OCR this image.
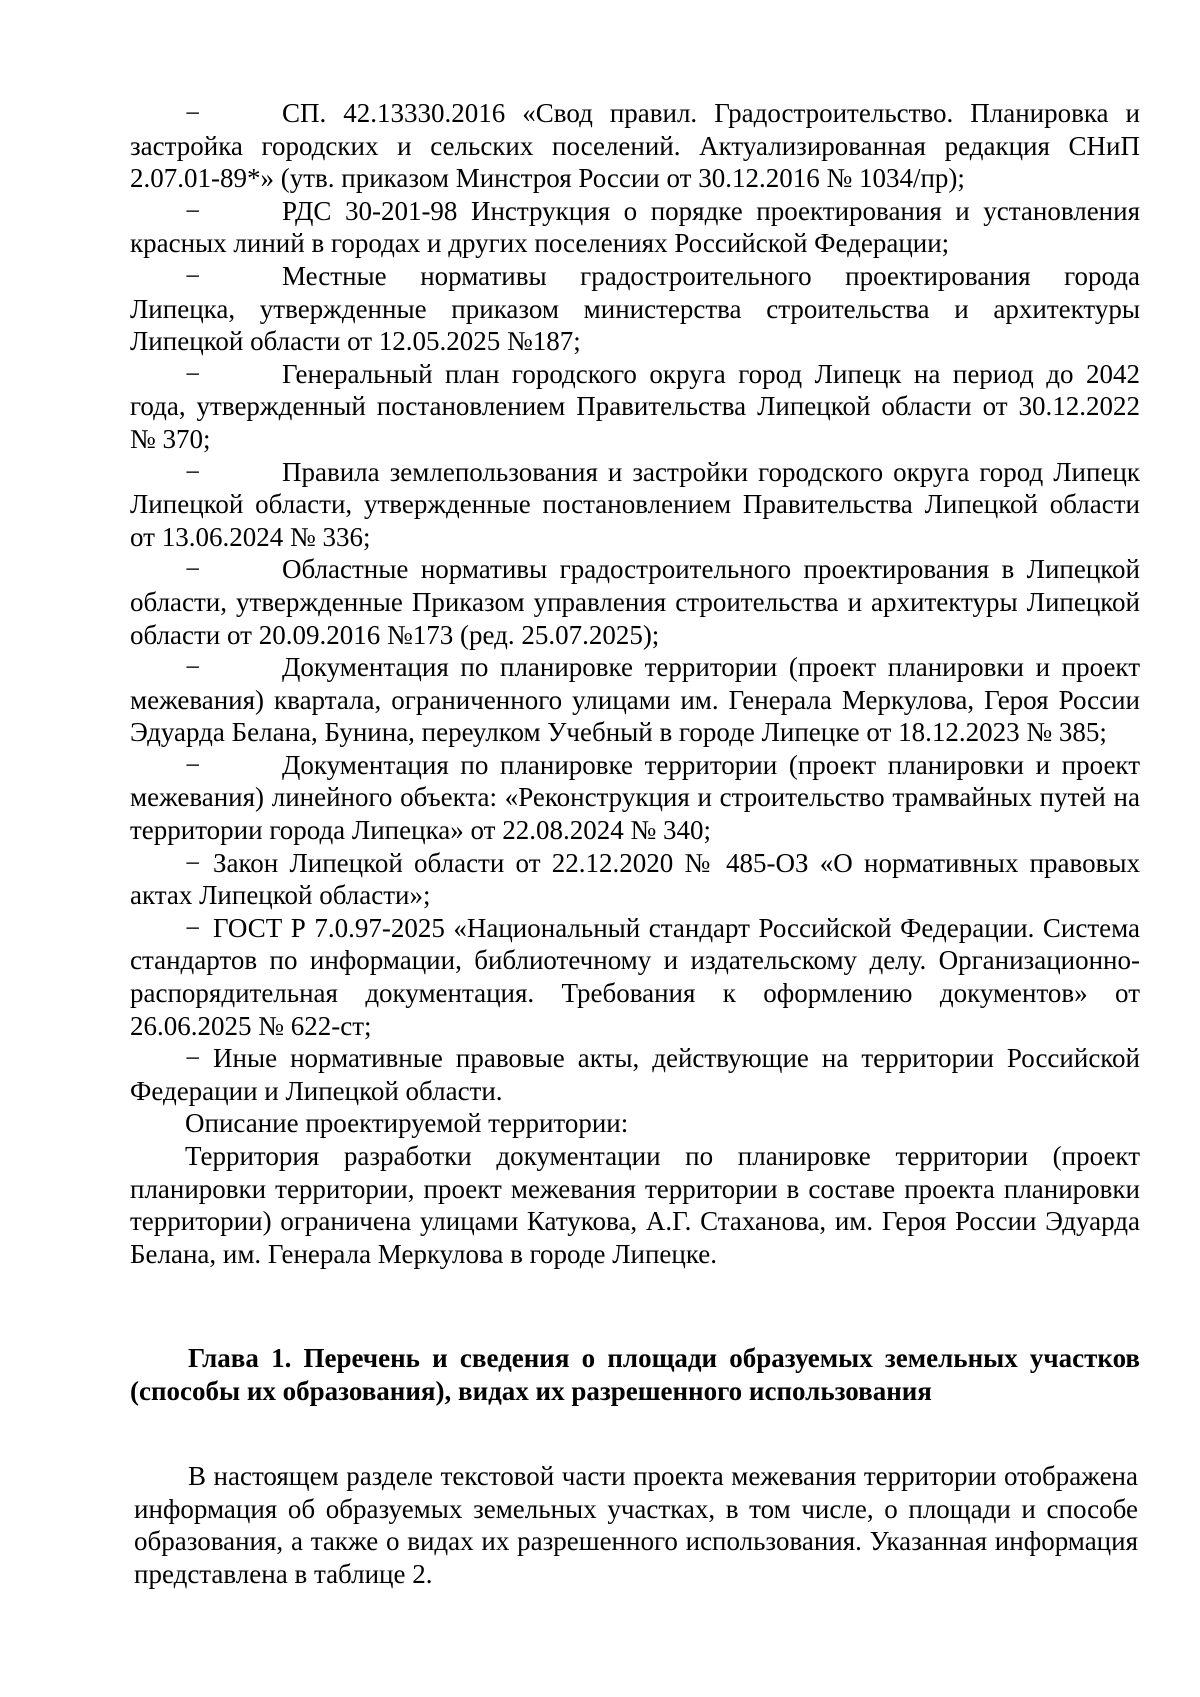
−	СП. 42.13330.2016 «Свод правил. Градостроительство. Планировка и застройка городских и сельских поселений. Актуализированная редакция СНиП 2.07.01-89*» (утв. приказом Минстроя России от 30.12.2016 № 1034/пр);

−	РДС 30-201-98 Инструкция о порядке проектирования и установления красных линий в городах и других поселениях Российской Федерации;

−	Местные нормативы градостроительного проектирования города Липецка, утвержденные приказом министерства строительства и архитектуры Липецкой области от 12.05.2025 №187;

−	Генеральный план городского округа город Липецк на период до 2042 года, утвержденный постановлением Правительства Липецкой области от 30.12.2022 № 370;

−	Правила землепользования и застройки городского округа город Липецк Липецкой области, утвержденные постановлением Правительства Липецкой области от 13.06.2024 № 336;

−	Областные нормативы градостроительного проектирования в Липецкой области, утвержденные Приказом управления строительства и архитектуры Липецкой области от 20.09.2016 №173 (ред. 25.07.2025);

−	Документация по планировке территории (проект планировки и проект межевания) квартала, ограниченного улицами им. Генерала Меркулова, Героя России Эдуарда Белана, Бунина, переулком Учебный в городе Липецке от 18.12.2023 № 385;

−	Документация по планировке территории (проект планировки и проект межевания) линейного объекта: «Реконструкция и строительство трамвайных путей на территории города Липецка» от 22.08.2024 № 340;

− Закон Липецкой области от 22.12.2020 № 485-ОЗ «О нормативных правовых актах Липецкой области»;

− ГОСТ Р 7.0.97-2025 «Национальный стандарт Российской Федерации. Система стандартов по информации, библиотечному и издательскому делу. Организационно-распорядительная документация. Требования к оформлению документов» от 26.06.2025 № 622-ст;

− Иные нормативные правовые акты, действующие на территории Российской Федерации и Липецкой области.

Описание проектируемой территории:

Территория разработки документации по планировке территории (проект планировки территории, проект межевания территории в составе проекта планировки территории) ограничена улицами Катукова, А.Г. Стаханова, им. Героя России Эдуарда Белана, им. Генерала Меркулова в городе Липецке.

Глава 1. Перечень и сведения о площади образуемых земельных участков (способы их образования), видах их разрешенного использования

В настоящем разделе текстовой части проекта межевания территории отображена информация об образуемых земельных участках, в том числе, о площади и способе образования, а также о видах их разрешенного использования. Указанная информация представлена в таблице 2.
